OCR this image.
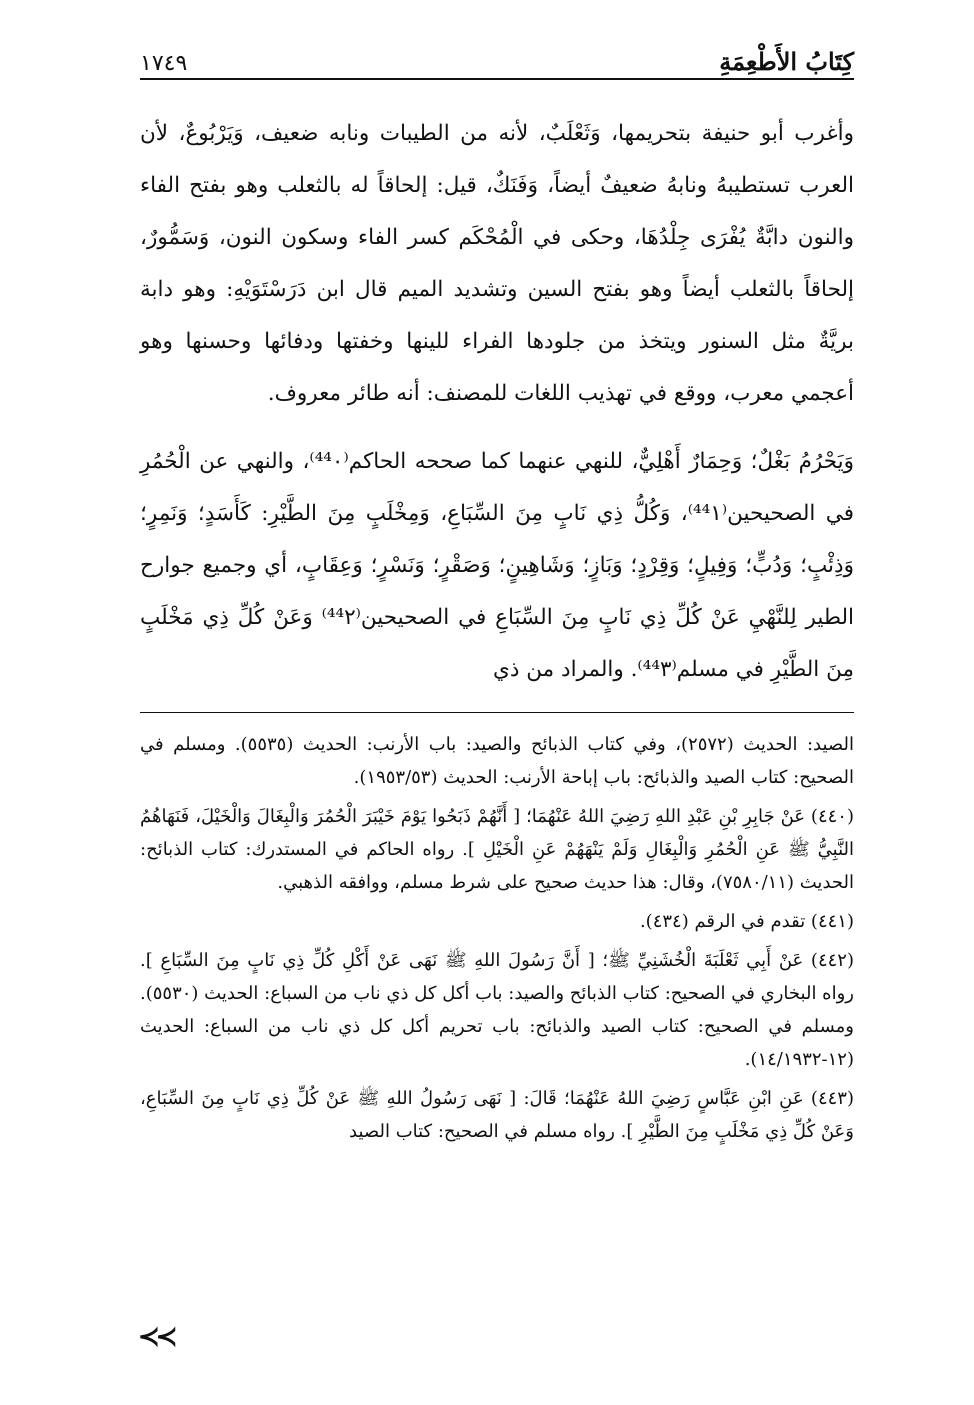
كِتَابُ الأَطْعِمَةِ
١٧٤٩

وأغرب أبو حنيفة بتحريمها، وَثَعْلَبٌ، لأنه من الطيبات ونابه ضعيف، وَيَرْبُوعٌ، لأن العرب تستطيبهُ ونابهُ ضعيفٌ أيضاً، وَفَنَكٌ، قيل: إلحاقاً له بالثعلب وهو بفتح الفاء والنون دابَّةٌ يُفْرَى جِلْدُهَا، وحكى في الْمُحْكَم كسر الفاء وسكون النون، وَسَمُّورٌ، إلحاقاً بالثعلب أيضاً وهو بفتح السين وتشديد الميم قال ابن دَرَسْتَوَيْهِ: وهو دابة بريَّةٌ مثل السنور ويتخذ من جلودها الفراء للينها وخفتها ودفائها وحسنها وهو أعجمي معرب، ووقع في تهذيب اللغات للمصنف: أنه طائر معروف.

وَيَحْرُمُ بَغْلٌ؛ وَحِمَارٌ أَهْلِيٌّ، للنهي عنهما كما صححه الحاكم⁽⁴⁴٠⁾، والنهي عن الْحُمُرِ في الصحيحين⁽⁴⁴١⁾، وَكُلُّ ذِي نَابٍ مِنَ السِّبَاعِ، وَمِخْلَبٍ مِنَ الطَّيْرِ: كَأَسَدٍ؛ وَنَمِرٍ؛ وَذِئْبٍ؛ وَدُبٍّ؛ وَفِيلٍ؛ وَقِرْدٍ؛ وَبَازٍ؛ وَشَاهِينٍ؛ وَصَقْرٍ؛ وَنَسْرٍ؛ وَعِقَابٍ، أي وجميع جوارح الطير لِلنَّهْيِ عَنْ كُلِّ ذِي نَابٍ مِنَ السِّبَاعِ في الصحيحين⁽⁴⁴٢⁾ وَعَنْ كُلِّ ذِي مَخْلَبٍ مِنَ الطَّيْرِ في مسلم⁽⁴⁴٣⁾. والمراد من ذي

الصيد: الحديث (٢٥٧٢)، وفي كتاب الذبائح والصيد: باب الأرنب: الحديث (٥٥٣٥). ومسلم في الصحيح: كتاب الصيد والذبائح: باب إباحة الأرنب: الحديث (١٩٥٣/٥٣).

(٤٤٠) عَنْ جَابِرِ بْنِ عَبْدِ اللهِ رَضِيَ اللهُ عَنْهُمَا؛ [ أَنَّهُمْ ذَبَحُوا يَوْمَ خَيْبَرَ الْحُمُرَ وَالْبِغَالَ وَالْخَيْلَ، فَنَهَاهُمُ النَّبِيُّ ﷺ عَنِ الْحُمُرِ وَالْبِغَالِ وَلَمْ يَنْهَهُمْ عَنِ الْخَيْلِ ]. رواه الحاكم في المستدرك: كتاب الذبائح: الحديث (٧٥٨٠/١١)، وقال: هذا حديث صحيح على شرط مسلم، ووافقه الذهبي.

(٤٤١) تقدم في الرقم (٤٣٤).

(٤٤٢) عَنْ أَبِي ثَعْلَبَةَ الْخُشَنِيِّ ﷺ؛ [ أَنَّ رَسُولَ اللهِ ﷺ نَهَى عَنْ أَكْلِ كُلِّ ذِي نَابٍ مِنَ السِّبَاعِ ]. رواه البخاري في الصحيح: كتاب الذبائح والصيد: باب أكل كل ذي ناب من السباع: الحديث (٥٥٣٠). ومسلم في الصحيح: كتاب الصيد والذبائح: باب تحريم أكل كل ذي ناب من السباع: الحديث (١٢-١٤/١٩٣٢).

(٤٤٣) عَنِ ابْنِ عَبَّاسٍ رَضِيَ اللهُ عَنْهُمَا؛ قَالَ: [ نَهَى رَسُولُ اللهِ ﷺ عَنْ كُلِّ ذِي نَابٍ مِنَ السِّبَاعِ، وَعَنْ كُلِّ ذِي مَخْلَبٍ مِنَ الطَّيْرِ ]. رواه مسلم في الصحيح: كتاب الصيد

≺≺
